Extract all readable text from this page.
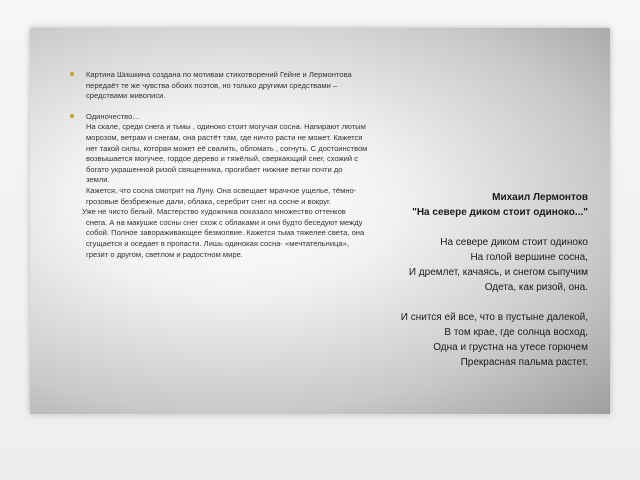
Картина Шишкина создана по мотивам стихотворений Гейне и Лермонтова
передаёт те же чувства обоих поэтов, но только другими средствами –
средствами живописи.
Одиночество…
На скале, среди снега и тьмы , одиноко стоит могучая сосна. Напирают лютым
морозом, ветрам и снегам, она растёт там, где ничто расти не может. Кажется
нет такой силы, которая может её свалить, обломать , согнуть. С достоинством
возвышается могучее, гордое дерево и тяжёлый, сверкающий снег, схожий с
богато украшенной ризой священника, прогибает нижние ветки почти до
земли.
Кажется, что сосна смотрит на Луну. Она освещает мрачное ущелье, тёмно-
грозовые безбрежные дали, облака, серебрит снег на сосне и вокруг.
Уже не чисто белый. Мастерство художника показало множество оттенков
снега. А на макушке сосны снег схож с облаками и они будто беседуют между
собой. Полное завораживающее безмолвие. Кажется тьма тяжелее света, она
сгущается и оседает в пропасти. Лишь одинокая сосна- «мечтательница»,
грезит о другом, светлом и радостном мире.
Михаил Лермонтов
"На севере диком стоит одиноко..."
На севере диком стоит одиноко
На голой вершине сосна,
И дремлет, качаясь, и снегом сыпучим
Одета, как ризой, она.
И снится ей все, что в пустыне далекой,
В том крае, где солнца восход,
Одна и грустна на утесе горючем
Прекрасная пальма растет.
